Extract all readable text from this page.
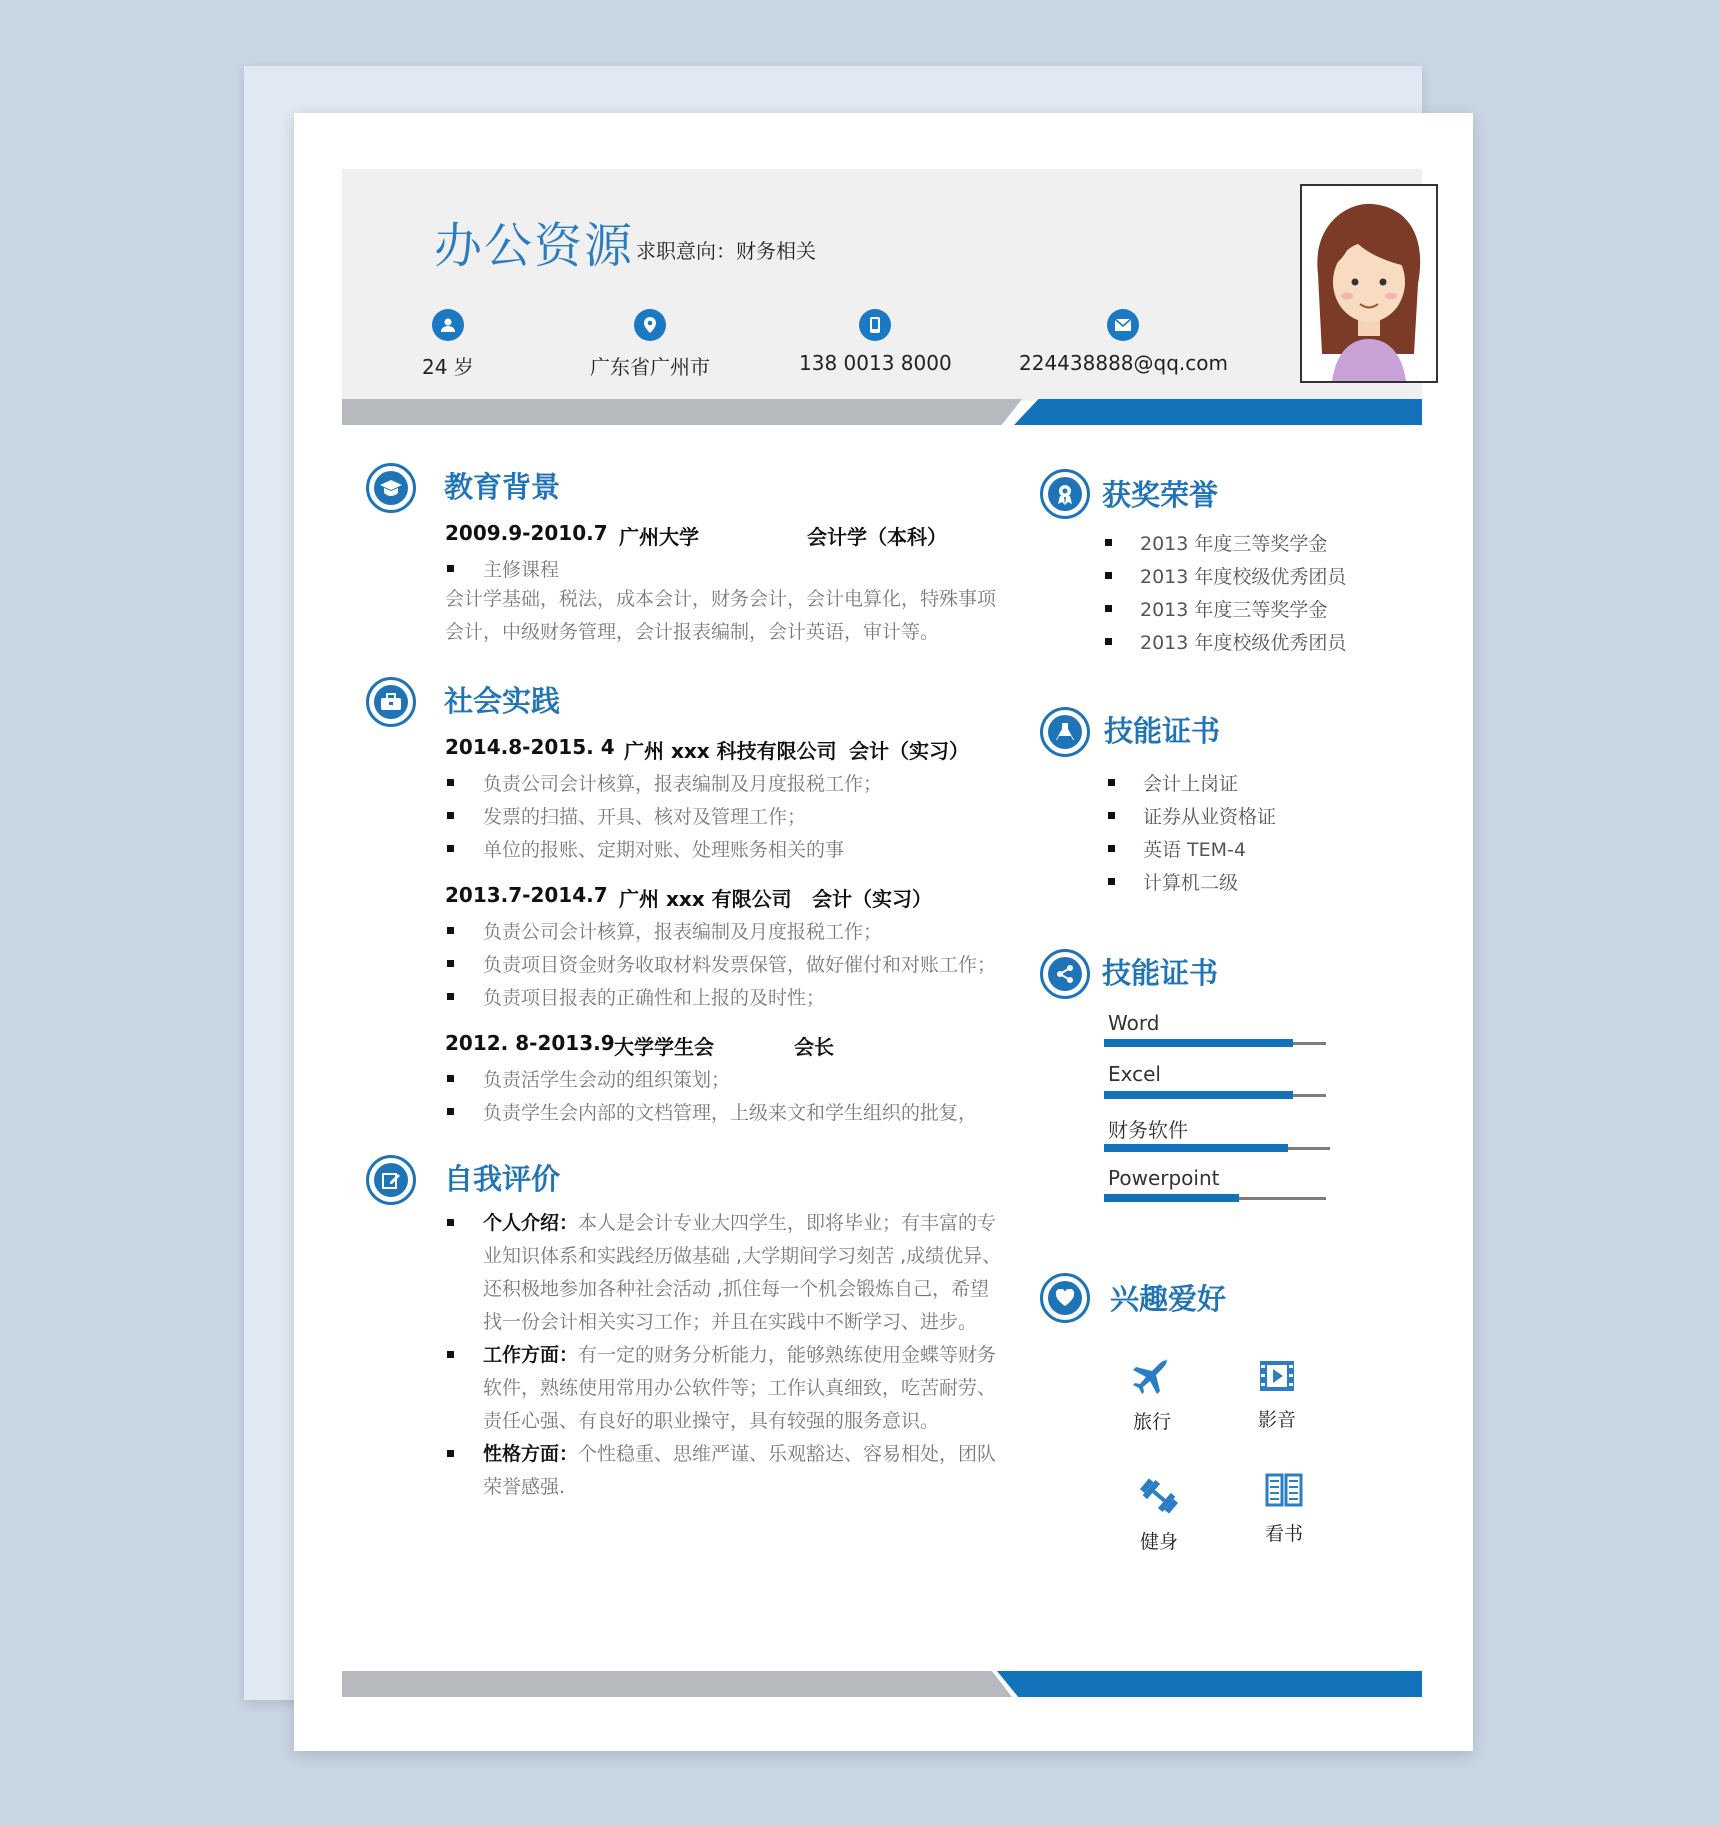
办公资源 求职意向：财务相关
24 岁	广东省广州市	138 0013 8000	224438888@qq.com
教育背景
2009.9-2010.7 广州大学	会计学（本科）
主修课程
会计学基础，税法，成本会计，财务会计，会计电算化，特殊事项
会计，中级财务管理，会计报表编制，会计英语，审计等。
社会实践
2014.8-2015. 4 广州 xxx 科技有限公司 会计（实习）
负责公司会计核算，报表编制及月度报税工作；
发票的扫描、开具、核对及管理工作；
单位的报账、定期对账、处理账务相关的事
2013.7-2014.7 广州 xxx 有限公司 会计（实习）
负责公司会计核算，报表编制及月度报税工作；
负责项目资金财务收取材料发票保管，做好催付和对账工作；
负责项目报表的正确性和上报的及时性；
2012. 8-2013.9 大学学生会	会长
负责活学生会动的组织策划；
负责学生会内部的文档管理，上级来文和学生组织的批复，
自我评价
个人介绍：本人是会计专业大四学生，即将毕业；有丰富的专
业知识体系和实践经历做基础 ,大学期间学习刻苦 ,成绩优异、
还积极地参加各种社会活动 ,抓住每一个机会锻炼自己，希望
找一份会计相关实习工作；并且在实践中不断学习、进步。
工作方面：有一定的财务分析能力，能够熟练使用金蝶等财务
软件，熟练使用常用办公软件等；工作认真细致，吃苦耐劳、
责任心强、有良好的职业操守，具有较强的服务意识。
性格方面：个性稳重、思维严谨、乐观豁达、容易相处，团队
荣誉感强.
获奖荣誉
2013 年度三等奖学金
2013 年度校级优秀团员
2013 年度三等奖学金
2013 年度校级优秀团员
技能证书
会计上岗证
证券从业资格证
英语 TEM-4
计算机二级
技能证书
Word
Excel
财务软件
Powerpoint
兴趣爱好
旅行	影音
健身	看书
